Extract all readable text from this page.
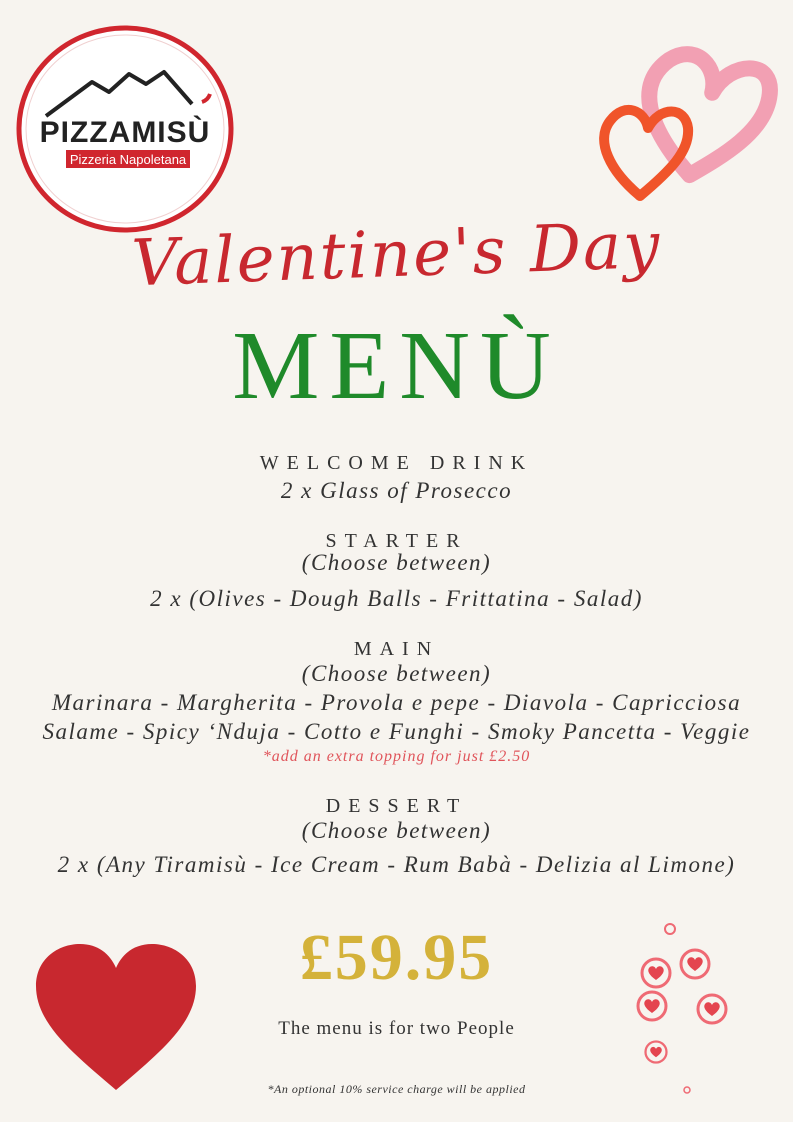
PIZZAMISÙ
Pizzeria Napoletana
Valentine's Day
MENÙ
WELCOME DRINK
2 x Glass of Prosecco
STARTER
(Choose between)
2 x (Olives - Dough Balls - Frittatina - Salad)
MAIN
(Choose between)
Marinara - Margherita - Provola e pepe - Diavola - Capricciosa
Salame - Spicy ‘Nduja - Cotto e Funghi - Smoky Pancetta - Veggie
*add an extra topping for just £2.50
DESSERT
(Choose between)
2 x (Any Tiramisù - Ice Cream - Rum Babà - Delizia al Limone)
£59.95
The menu is for two People
*An optional 10% service charge will be applied
